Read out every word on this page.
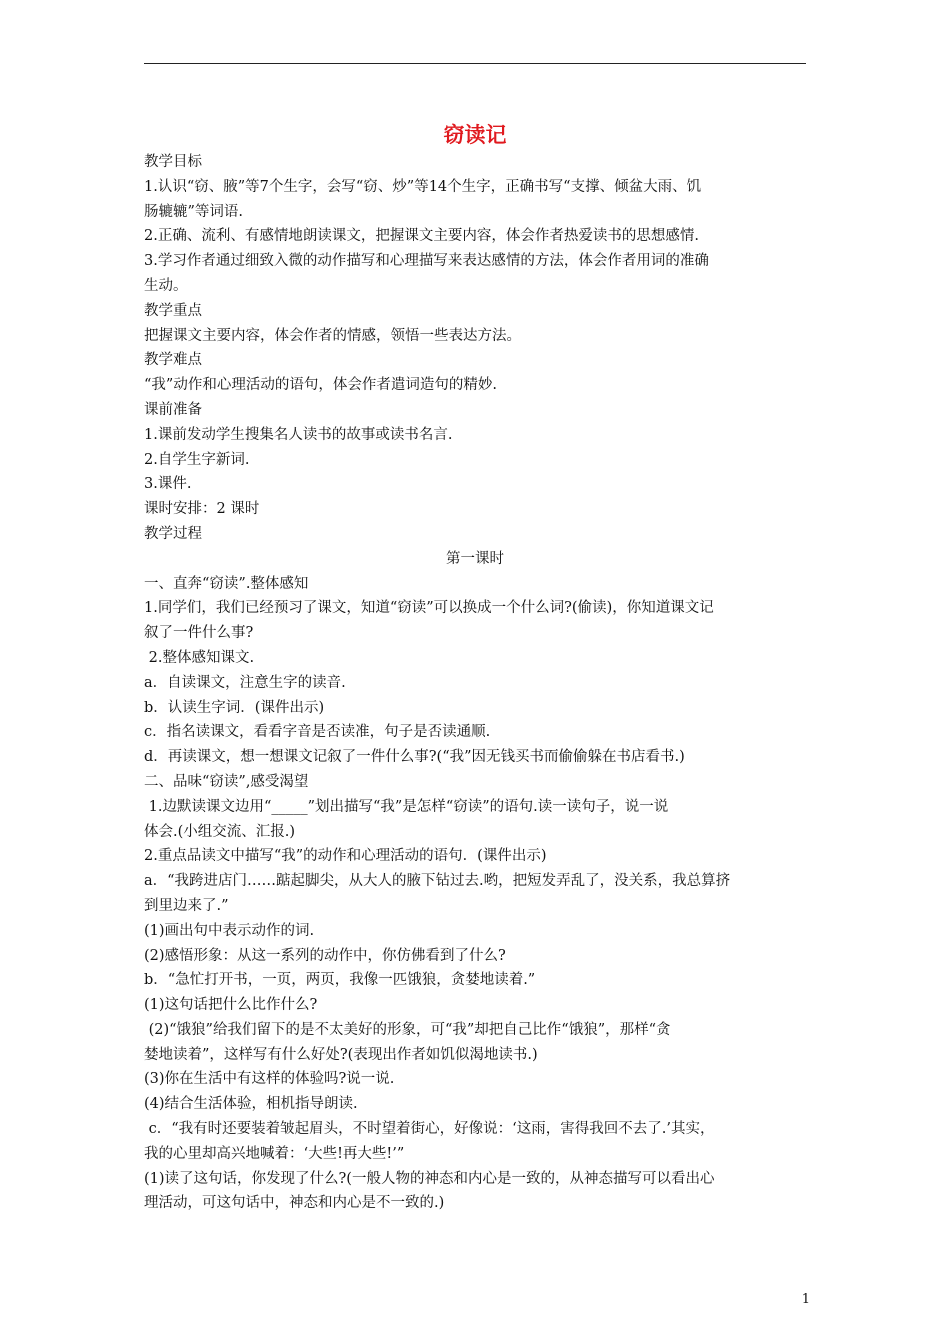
窃读记
教学目标
1.认识“窃、腋”等7个生字，会写“窃、炒”等14个生字，正确书写“支撑、倾盆大雨、饥
肠辘辘”等词语.
2.正确、流利、有感情地朗读课文，把握课文主要内容，体会作者热爱读书的思想感情.
3.学习作者通过细致入微的动作描写和心理描写来表达感情的方法，体会作者用词的准确
生动。
教学重点
把握课文主要内容，体会作者的情感，领悟一些表达方法。
教学难点
“我”动作和心理活动的语句，体会作者遣词造句的精妙.
课前准备
1.课前发动学生搜集名人读书的故事或读书名言.
2.自学生字新词.
3.课件.
课时安排：2 课时
教学过程
第一课时
一、直奔“窃读”.整体感知
1.同学们，我们已经预习了课文，知道“窃读”可以换成一个什么词?(偷读)，你知道课文记
叙了一件什么事?
2.整体感知课文.
a．自读课文，注意生字的读音.
b．认读生字词．(课件出示)
c．指名读课文，看看字音是否读准，句子是否读通顺.
d．再读课文，想一想课文记叙了一件什么事?(“我”因无钱买书而偷偷躲在书店看书.)
二、品味“窃读”,感受渴望
1.边默读课文边用“_____”划出描写“我”是怎样“窃读”的语句.读一读句子，说一说
体会.(小组交流、汇报.)
2.重点品读文中描写“我”的动作和心理活动的语句．(课件出示)
a．“我跨进店门……踮起脚尖，从大人的腋下钻过去.哟，把短发弄乱了，没关系，我总算挤
到里边来了.”
(1)画出句中表示动作的词.
(2)感悟形象：从这一系列的动作中，你仿佛看到了什么?
b．“急忙打开书，一页，两页，我像一匹饿狼，贪婪地读着.”
(1)这句话把什么比作什么?
(2)“饿狼”给我们留下的是不太美好的形象，可“我”却把自己比作“饿狼”，那样“贪
婪地读着”，这样写有什么好处?(表现出作者如饥似渴地读书.)
(3)你在生活中有这样的体验吗?说一说.
(4)结合生活体验，相机指导朗读.
c．“我有时还要装着皱起眉头，不时望着街心，好像说：‘这雨，害得我回不去了.’其实，
我的心里却高兴地喊着：‘大些!再大些!’”
(1)读了这句话，你发现了什么?(一般人物的神态和内心是一致的，从神态描写可以看出心
理活动，可这句话中，神态和内心是不一致的.)
1
